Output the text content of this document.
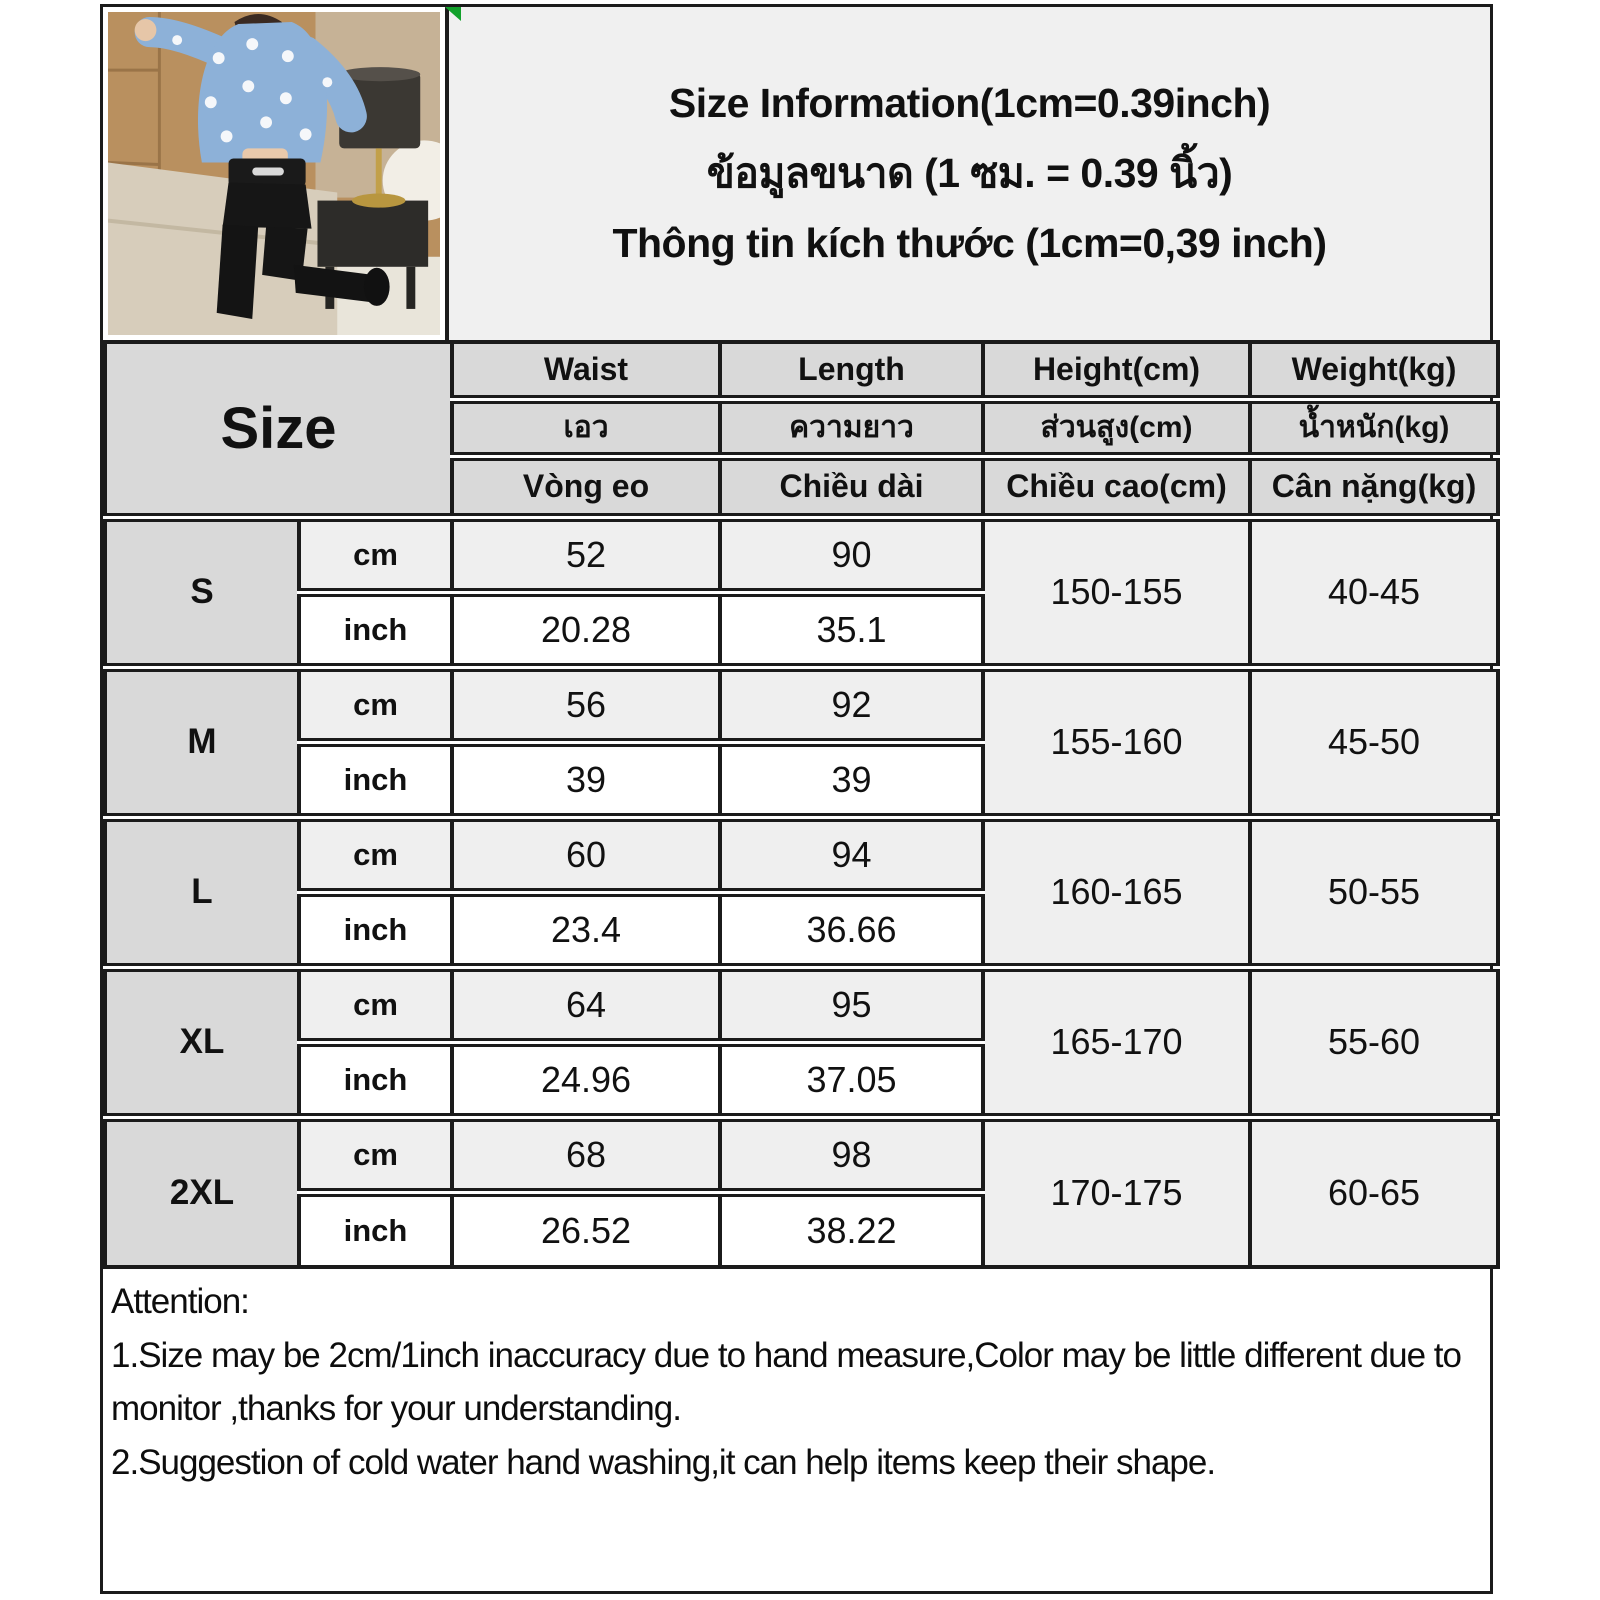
Size Information(1cm=0.39inch)
ข้อมูลขนาด (1 ซม. = 0.39 นิ้ว)
Thông tin kích thước (1cm=0,39 inch)
Size		Waist	Length	Height(cm)	Weight(kg)
		เอว	ความยาว	ส่วนสูง(cm)	น้ำหนัก(kg)
		Vòng eo	Chiều dài	Chiều cao(cm)	Cân nặng(kg)
S	cm	52	90	150-155	40-45
	inch	20.28	35.1		
M	cm	56	92	155-160	45-50
	inch	39	39		
L	cm	60	94	160-165	50-55
	inch	23.4	36.66		
XL	cm	64	95	165-170	55-60
	inch	24.96	37.05		
2XL	cm	68	98	170-175	60-65
	inch	26.52	38.22		

Attention:

1.Size may be 2cm/1inch inaccuracy due to hand measure,Color may be little different due to monitor ,thanks for your understanding.

2.Suggestion of cold water hand washing,it can help items keep their shape.
